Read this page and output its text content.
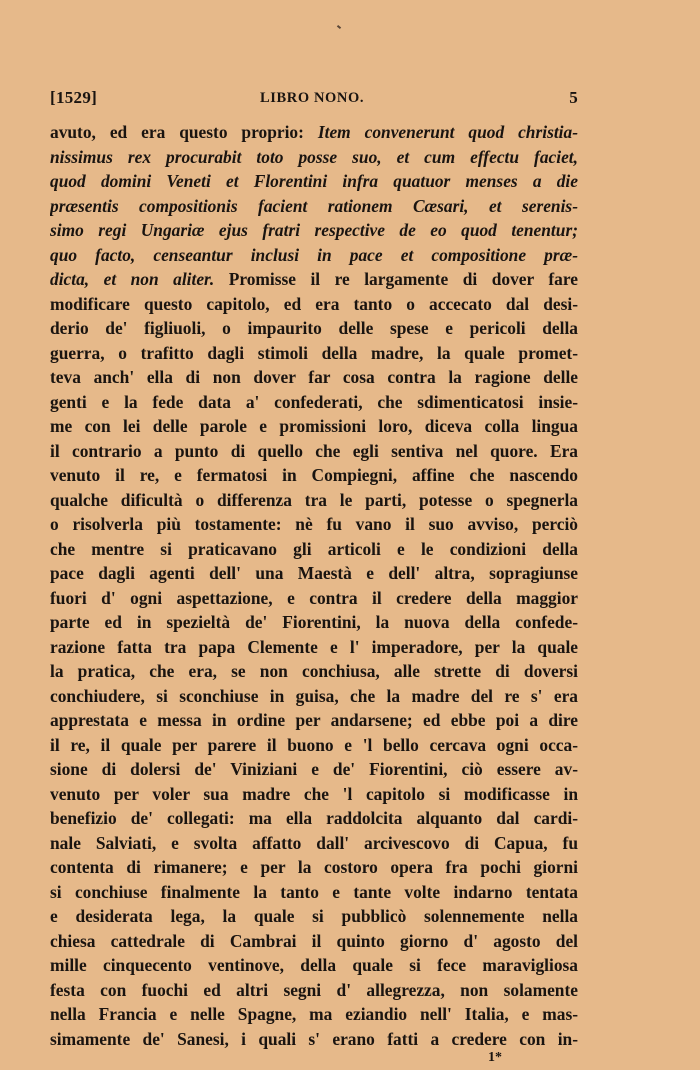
[1529]	LIBRO NONO.	5
avuto, ed era questo proprio: Item convenerunt quod christia-
nissimus rex procurabit toto posse suo, et cum effectu faciet,
quod domini Veneti et Florentini infra quatuor menses a die
præsentis compositionis facient rationem Cæsari, et serenis-
simo regi Ungariæ ejus fratri respective de eo quod tenentur;
quo facto, censeantur inclusi in pace et compositione præ-
dicta, et non aliter. Promisse il re largamente di dover fare
modificare questo capitolo, ed era tanto o accecato dal desi-
derio de' figliuoli, o impaurito delle spese e pericoli della
guerra, o trafitto dagli stimoli della madre, la quale promet-
teva anch' ella di non dover far cosa contra la ragione delle
genti e la fede data a' confederati, che sdimenticatosi insie-
me con lei delle parole e promissioni loro, diceva colla lingua
il contrario a punto di quello che egli sentiva nel quore. Era
venuto il re, e fermatosi in Compiegni, affine che nascendo
qualche dificultà o differenza tra le parti, potesse o spegnerla
o risolverla più tostamente: nè fu vano il suo avviso, perciò
che mentre si praticavano gli articoli e le condizioni della
pace dagli agenti dell' una Maestà e dell' altra, sopragiunse
fuori d' ogni aspettazione, e contra il credere della maggior
parte ed in spezieltà de' Fiorentini, la nuova della confede-
razione fatta tra papa Clemente e l' imperadore, per la quale
la pratica, che era, se non conchiusa, alle strette di doversi
conchiudere, si sconchiuse in guisa, che la madre del re s' era
apprestata e messa in ordine per andarsene; ed ebbe poi a dire
il re, il quale per parere il buono e 'l bello cercava ogni occa-
sione di dolersi de' Viniziani e de' Fiorentini, ciò essere av-
venuto per voler sua madre che 'l capitolo si modificasse in
benefizio de' collegati: ma ella raddolcita alquanto dal cardi-
nale Salviati, e svolta affatto dall' arcivescovo di Capua, fu
contenta di rimanere; e per la costoro opera fra pochi giorni
si conchiuse finalmente la tanto e tante volte indarno tentata
e desiderata lega, la quale si pubblicò solennemente nella
chiesa cattedrale di Cambrai il quinto giorno d' agosto del
mille cinquecento ventinove, della quale si fece maravigliosa
festa con fuochi ed altri segni d' allegrezza, non solamente
nella Francia e nelle Spagne, ma eziandio nell' Italia, e mas-
simamente de' Sanesi, i quali s' erano fatti a credere con in-
1*
